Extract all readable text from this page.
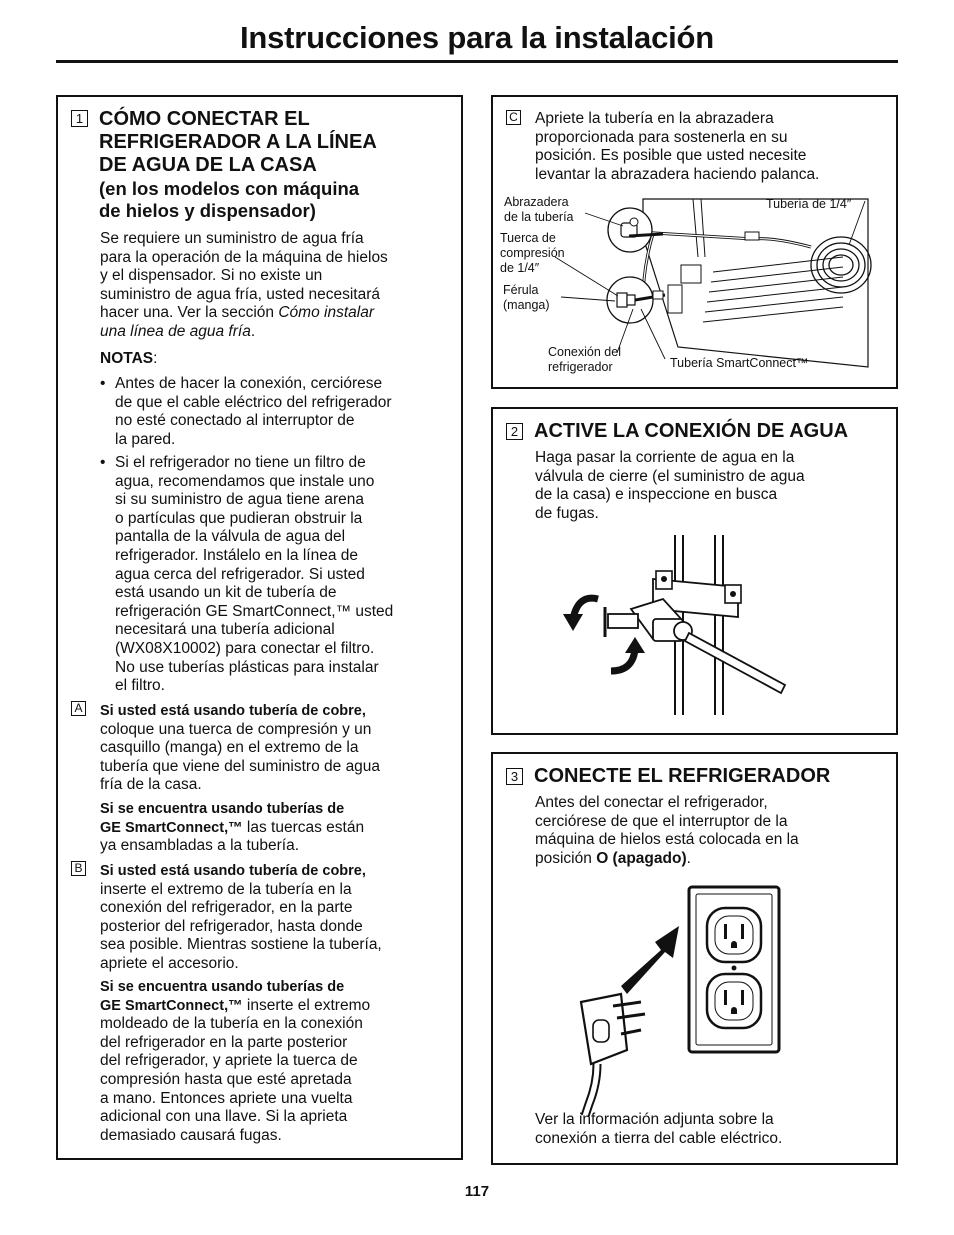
Instrucciones para la instalación
1 CÓMO CONECTAR EL
REFRIGERADOR A LA LÍNEA
DE AGUA DE LA CASA
(en los modelos con máquina
de hielos y dispensador)
Se requiere un suministro de agua fría
para la operación de la máquina de hielos
y el dispensador. Si no existe un
suministro de agua fría, usted necesitará
hacer una. Ver la sección Cómo instalar
una línea de agua fría.
NOTAS:
• Antes de hacer la conexión, cerciórese
de que el cable eléctrico del refrigerador
no esté conectado al interruptor de
la pared.
• Si el refrigerador no tiene un filtro de
agua, recomendamos que instale uno
si su suministro de agua tiene arena
o partículas que pudieran obstruir la
pantalla de la válvula de agua del
refrigerador. Instálelo en la línea de
agua cerca del refrigerador. Si usted
está usando un kit de tubería de
refrigeración GE SmartConnect,™ usted
necesitará una tubería adicional
(WX08X10002) para conectar el filtro.
No use tuberías plásticas para instalar
el filtro.
A Si usted está usando tubería de cobre,
coloque una tuerca de compresión y un
casquillo (manga) en el extremo de la
tubería que viene del suministro de agua
fría de la casa.
Si se encuentra usando tuberías de
GE SmartConnect,™ las tuercas están
ya ensambladas a la tubería.
B Si usted está usando tubería de cobre,
inserte el extremo de la tubería en la
conexión del refrigerador, en la parte
posterior del refrigerador, hasta donde
sea posible. Mientras sostiene la tubería,
apriete el accesorio.
Si se encuentra usando tuberías de
GE SmartConnect,™ inserte el extremo
moldeado de la tubería en la conexión
del refrigerador en la parte posterior
del refrigerador, y apriete la tuerca de
compresión hasta que esté apretada
a mano. Entonces apriete una vuelta
adicional con una llave. Si la aprieta
demasiado causará fugas.
C Apriete la tubería en la abrazadera
proporcionada para sostenerla en su
posición. Es posible que usted necesite
levantar la abrazadera haciendo palanca.
Abrazadera
de la tubería
Tuerca de
compresión
de 1/4″
Férula
(manga)
Conexión del
refrigerador
Tubería de 1/4″
Tubería SmartConnect™
2 ACTIVE LA CONEXIÓN DE AGUA
Haga pasar la corriente de agua en la
válvula de cierre (el suministro de agua
de la casa) e inspeccione en busca
de fugas.
3 CONECTE EL REFRIGERADOR
Antes del conectar el refrigerador,
cerciórese de que el interruptor de la
máquina de hielos está colocada en la
posición O (apagado).
Ver la información adjunta sobre la
conexión a tierra del cable eléctrico.
117
